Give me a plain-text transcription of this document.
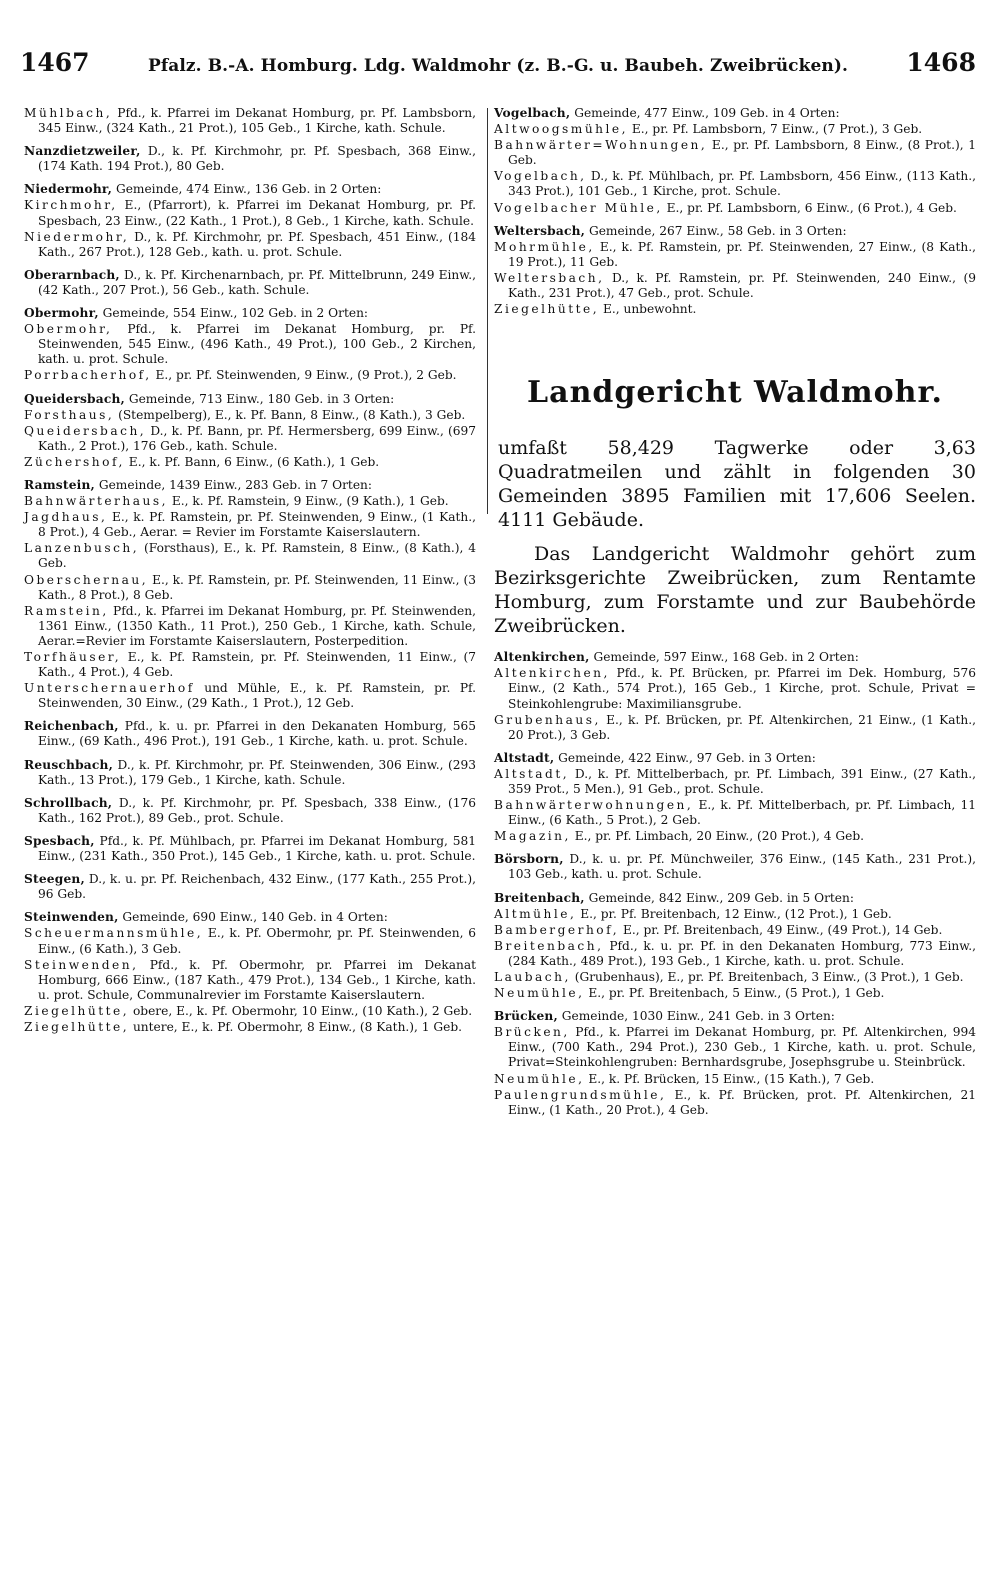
1467	Pfalz. B.-A. Homburg. Ldg. Waldmohr (z. B.-G. u. Baubeh. Zweibrücken). 1468
Mühlbach, Pfd., k. Pfarrei im Dekanat Homburg, pr. Pf. Lambsborn, 345 Einw., (324 Kath., 21 Prot.), 105 Geb., 1 Kirche, kath. Schule.
Nanzdietzweiler, D., k. Pf. Kirchmohr, pr. Pf. Spesbach, 368 Einw., (174 Kath. 194 Prot.), 80 Geb.
Niedermohr, Gemeinde, 474 Einw., 136 Geb. in 2 Orten:
Kirchmohr, E., (Pfarrort), k. Pfarrei im Dekanat Homburg, pr. Pf. Spesbach, 23 Einw., (22 Kath., 1 Prot.), 8 Geb., 1 Kirche, kath. Schule.
Niedermohr, D., k. Pf. Kirchmohr, pr. Pf. Spesbach, 451 Einw., (184 Kath., 267 Prot.), 128 Geb., kath. u. prot. Schule.
Oberarnbach, D., k. Pf. Kirchenarnbach, pr. Pf. Mittelbrunn, 249 Einw., (42 Kath., 207 Prot.), 56 Geb., kath. Schule.
Obermohr, Gemeinde, 554 Einw., 102 Geb. in 2 Orten:
Obermohr, Pfd., k. Pfarrei im Dekanat Homburg, pr. Pf. Steinwenden, 545 Einw., (496 Kath., 49 Prot.), 100 Geb., 2 Kirchen, kath. u. prot. Schule.
Porrbacherhof, E., pr. Pf. Steinwenden, 9 Einw., (9 Prot.), 2 Geb.
Queidersbach, Gemeinde, 713 Einw., 180 Geb. in 3 Orten:
Forsthaus, (Stempelberg), E., k. Pf. Bann, 8 Einw., (8 Kath.), 3 Geb.
Queidersbach, D., k. Pf. Bann, pr. Pf. Hermersberg, 699 Einw., (697 Kath., 2 Prot.), 176 Geb., kath. Schule.
Züchershof, E., k. Pf. Bann, 6 Einw., (6 Kath.), 1 Geb.
Ramstein, Gemeinde, 1439 Einw., 283 Geb. in 7 Orten:
Bahnwärterhaus, E., k. Pf. Ramstein, 9 Einw., (9 Kath.), 1 Geb.
Jagdhaus, E., k. Pf. Ramstein, pr. Pf. Steinwenden, 9 Einw., (1 Kath., 8 Prot.), 4 Geb., Aerar. = Revier im Forstamte Kaiserslautern.
Lanzenbusch, (Forsthaus), E., k. Pf. Ramstein, 8 Einw., (8 Kath.), 4 Geb.
Oberschernau, E., k. Pf. Ramstein, pr. Pf. Steinwenden, 11 Einw., (3 Kath., 8 Prot.), 8 Geb.
Ramstein, Pfd., k. Pfarrei im Dekanat Homburg, pr. Pf. Steinwenden, 1361 Einw., (1350 Kath., 11 Prot.), 250 Geb., 1 Kirche, kath. Schule, Aerar.=Revier im Forstamte Kaiserslautern, Posterpedition.
Torfhäuser, E., k. Pf. Ramstein, pr. Pf. Steinwenden, 11 Einw., (7 Kath., 4 Prot.), 4 Geb.
Unterschernauerhof und Mühle, E., k. Pf. Ramstein, pr. Pf. Steinwenden, 30 Einw., (29 Kath., 1 Prot.), 12 Geb.
Reichenbach, Pfd., k. u. pr. Pfarrei in den Dekanaten Homburg, 565 Einw., (69 Kath., 496 Prot.), 191 Geb., 1 Kirche, kath. u. prot. Schule.
Reuschbach, D., k. Pf. Kirchmohr, pr. Pf. Steinwenden, 306 Einw., (293 Kath., 13 Prot.), 179 Geb., 1 Kirche, kath. Schule.
Schrollbach, D., k. Pf. Kirchmohr, pr. Pf. Spesbach, 338 Einw., (176 Kath., 162 Prot.), 89 Geb., prot. Schule.
Spesbach, Pfd., k. Pf. Mühlbach, pr. Pfarrei im Dekanat Homburg, 581 Einw., (231 Kath., 350 Prot.), 145 Geb., 1 Kirche, kath. u. prot. Schule.
Steegen, D., k. u. pr. Pf. Reichenbach, 432 Einw., (177 Kath., 255 Prot.), 96 Geb.
Steinwenden, Gemeinde, 690 Einw., 140 Geb. in 4 Orten:
Scheuermannsmühle, E., k. Pf. Obermohr, pr. Pf. Steinwenden, 6 Einw., (6 Kath.), 3 Geb.
Steinwenden, Pfd., k. Pf. Obermohr, pr. Pfarrei im Dekanat Homburg, 666 Einw., (187 Kath., 479 Prot.), 134 Geb., 1 Kirche, kath. u. prot. Schule, Communalrevier im Forstamte Kaiserslautern.
Ziegelhütte, obere, E., k. Pf. Obermohr, 10 Einw., (10 Kath.), 2 Geb.
Ziegelhütte, untere, E., k. Pf. Obermohr, 8 Einw., (8 Kath.), 1 Geb.
Vogelbach, Gemeinde, 477 Einw., 109 Geb. in 4 Orten:
Altwoogsmühle, E., pr. Pf. Lambsborn, 7 Einw., (7 Prot.), 3 Geb.
Bahnwärter=Wohnungen, E., pr. Pf. Lambsborn, 8 Einw., (8 Prot.), 1 Geb.
Vogelbach, D., k. Pf. Mühlbach, pr. Pf. Lambsborn, 456 Einw., (113 Kath., 343 Prot.), 101 Geb., 1 Kirche, prot. Schule.
Vogelbacher Mühle, E., pr. Pf. Lambsborn, 6 Einw., (6 Prot.), 4 Geb.
Weltersbach, Gemeinde, 267 Einw., 58 Geb. in 3 Orten:
Mohrmühle, E., k. Pf. Ramstein, pr. Pf. Steinwenden, 27 Einw., (8 Kath., 19 Prot.), 11 Geb.
Weltersbach, D., k. Pf. Ramstein, pr. Pf. Steinwenden, 240 Einw., (9 Kath., 231 Prot.), 47 Geb., prot. Schule.
Ziegelhütte, E., unbewohnt.
Landgericht Waldmohr.

umfaßt 58,429 Tagwerke oder 3,63 Quadratmeilen und zählt in folgenden 30 Gemeinden 3895 Familien mit 17,606 Seelen. 4111 Gebäude.

Das Landgericht Waldmohr gehört zum Bezirksgerichte Zweibrücken, zum Rentamte Homburg, zum Forstamte und zur Baubehörde Zweibrücken.

Altenkirchen, Gemeinde, 597 Einw., 168 Geb. in 2 Orten:
Altenkirchen, Pfd., k. Pf. Brücken, pr. Pfarrei im Dek. Homburg, 576 Einw., (2 Kath., 574 Prot.), 165 Geb., 1 Kirche, prot. Schule, Privat = Steinkohlengrube: Maximiliansgrube.
Grubenhaus, E., k. Pf. Brücken, pr. Pf. Altenkirchen, 21 Einw., (1 Kath., 20 Prot.), 3 Geb.
Altstadt, Gemeinde, 422 Einw., 97 Geb. in 3 Orten:
Altstadt, D., k. Pf. Mittelberbach, pr. Pf. Limbach, 391 Einw., (27 Kath., 359 Prot., 5 Men.), 91 Geb., prot. Schule.
Bahnwärterwohnungen, E., k. Pf. Mittelberbach, pr. Pf. Limbach, 11 Einw., (6 Kath., 5 Prot.), 2 Geb.
Magazin, E., pr. Pf. Limbach, 20 Einw., (20 Prot.), 4 Geb.
Börsborn, D., k. u. pr. Pf. Münchweiler, 376 Einw., (145 Kath., 231 Prot.), 103 Geb., kath. u. prot. Schule.
Breitenbach, Gemeinde, 842 Einw., 209 Geb. in 5 Orten:
Altmühle, E., pr. Pf. Breitenbach, 12 Einw., (12 Prot.), 1 Geb.
Bambergerhof, E., pr. Pf. Breitenbach, 49 Einw., (49 Prot.), 14 Geb.
Breitenbach, Pfd., k. u. pr. Pf. in den Dekanaten Homburg, 773 Einw., (284 Kath., 489 Prot.), 193 Geb., 1 Kirche, kath. u. prot. Schule.
Laubach, (Grubenhaus), E., pr. Pf. Breitenbach, 3 Einw., (3 Prot.), 1 Geb.
Neumühle, E., pr. Pf. Breitenbach, 5 Einw., (5 Prot.), 1 Geb.
Brücken, Gemeinde, 1030 Einw., 241 Geb. in 3 Orten:
Brücken, Pfd., k. Pfarrei im Dekanat Homburg, pr. Pf. Altenkirchen, 994 Einw., (700 Kath., 294 Prot.), 230 Geb., 1 Kirche, kath. u. prot. Schule, Privat=Steinkohlengruben: Bernhardsgrube, Josephsgrube u. Steinbrück.
Neumühle, E., k. Pf. Brücken, 15 Einw., (15 Kath.), 7 Geb.
Paulengrundsmühle, E., k. Pf. Brücken, prot. Pf. Altenkirchen, 21 Einw., (1 Kath., 20 Prot.), 4 Geb.
